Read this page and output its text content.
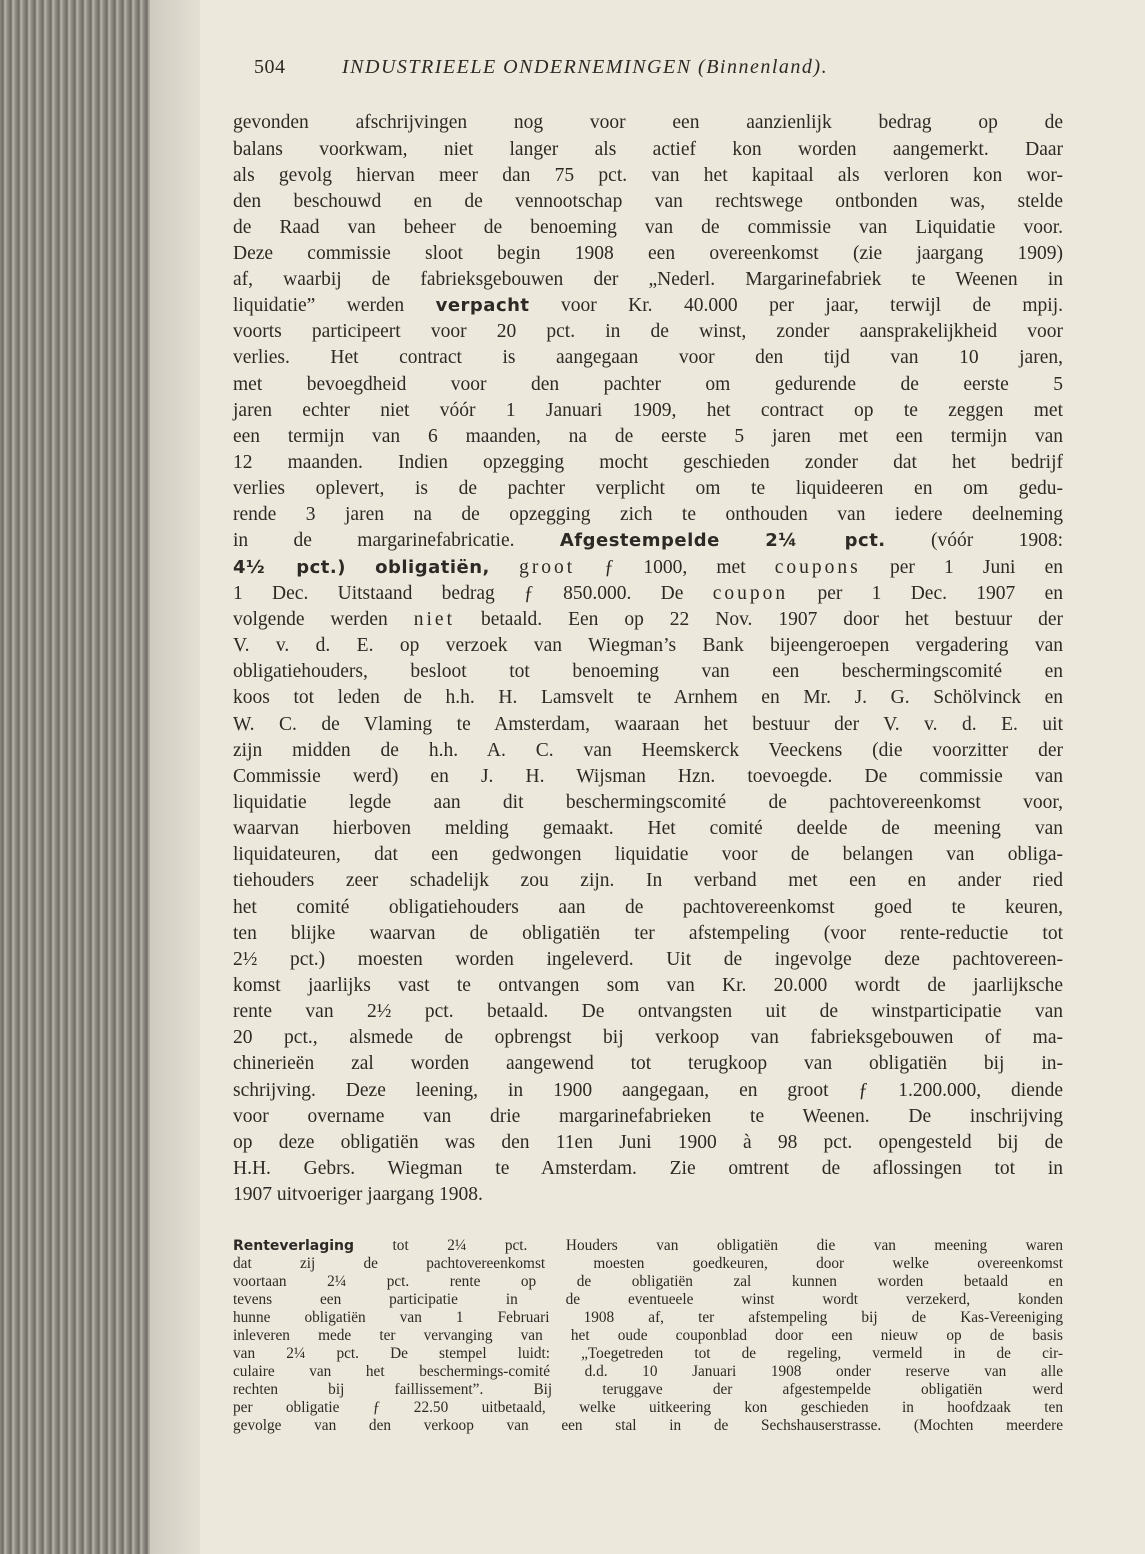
504	INDUSTRIEELE ONDERNEMINGEN (Binnenland).
gevonden afschrijvingen nog voor een aanzienlijk bedrag op de
balans voorkwam, niet langer als actief kon worden aangemerkt. Daar
als gevolg hiervan meer dan 75 pct. van het kapitaal als verloren kon wor-
den beschouwd en de vennootschap van rechtswege ontbonden was, stelde
de Raad van beheer de benoeming van de commissie van Liquidatie voor.
Deze commissie sloot begin 1908 een overeenkomst (zie jaargang 1909)
af, waarbij de fabrieksgebouwen der „Nederl. Margarinefabriek te Weenen in
liquidatie” werden verpacht voor Kr. 40.000 per jaar, terwijl de mpij.
voorts participeert voor 20 pct. in de winst, zonder aansprakelijkheid voor
verlies. Het contract is aangegaan voor den tijd van 10 jaren,
met bevoegdheid voor den pachter om gedurende de eerste 5
jaren echter niet vóór 1 Januari 1909, het contract op te zeggen met
een termijn van 6 maanden, na de eerste 5 jaren met een termijn van
12 maanden. Indien opzegging mocht geschieden zonder dat het bedrijf
verlies oplevert, is de pachter verplicht om te liquideeren en om gedu-
rende 3 jaren na de opzegging zich te onthouden van iedere deelneming
in de margarinefabricatie.	Afgestempelde	2¼ pct. (vóór 1908:
4½ pct.) obligatiën, groot ƒ 1000, met coupons per 1 Juni en
1 Dec. Uitstaand bedrag ƒ 850.000. De coupon per 1 Dec. 1907 en
volgende werden niet betaald. Een op 22 Nov. 1907 door het bestuur der
V. v. d. E. op verzoek van Wiegman’s Bank bijeengeroepen vergadering van
obligatiehouders, besloot tot benoeming van een beschermingscomité en
koos tot leden de h.h. H. Lamsvelt te Arnhem en Mr. J. G. Schölvinck en
W. C. de Vlaming te Amsterdam, waaraan het bestuur der V. v. d. E. uit
zijn midden de h.h. A. C. van Heemskerck Veeckens (die voorzitter der
Commissie werd) en J. H. Wijsman Hzn. toevoegde. De commissie van
liquidatie legde aan dit beschermingscomité de pachtovereenkomst voor,
waarvan hierboven melding gemaakt. Het comité deelde de meening van
liquidateuren, dat een gedwongen liquidatie voor de belangen van obliga-
tiehouders zeer schadelijk zou zijn. In verband met een en ander ried
het comité obligatiehouders aan de pachtovereenkomst goed te keuren,
ten blijke waarvan de obligatiën ter afstempeling (voor rente-reductie tot
2½ pct.) moesten worden ingeleverd. Uit de ingevolge deze pachtovereen-
komst jaarlijks vast te ontvangen som van Kr. 20.000 wordt de jaarlijksche
rente van 2½ pct. betaald. De ontvangsten uit de winstparticipatie van
20 pct., alsmede de opbrengst bij verkoop van fabrieksgebouwen of ma-
chinerieën zal worden aangewend tot terugkoop van obligatiën bij in-
schrijving. Deze leening, in 1900 aangegaan, en groot ƒ 1.200.000, diende
voor overname van drie margarinefabrieken te Weenen. De inschrijving
op deze obligatiën was den 11en Juni 1900 à 98 pct. opengesteld bij de
H.H. Gebrs. Wiegman te Amsterdam. Zie omtrent de aflossingen tot in
1907 uitvoeriger jaargang 1908.
Renteverlaging	tot 2¼ pct. Houders van obligatiën die van meening waren
dat zij de pachtovereenkomst moesten goedkeuren, door welke overeenkomst
voortaan 2¼ pct. rente op de obligatiën zal kunnen worden betaald en
tevens een participatie in de eventueele winst wordt verzekerd, konden
hunne obligatiën van 1 Februari 1908 af, ter afstempeling bij de Kas-Vereeniging
inleveren mede ter vervanging van het oude couponblad door een nieuw op de basis
van 2¼ pct. De stempel luidt: „Toegetreden tot de regeling, vermeld in de cir-
culaire van het beschermings-comité d.d. 10 Januari 1908 onder reserve van alle
rechten bij faillissement”. Bij teruggave der afgestempelde obligatiën werd
per obligatie ƒ 22.50 uitbetaald, welke uitkeering kon geschieden in hoofdzaak ten
gevolge van den verkoop van een stal in de Sechshauserstrasse. (Mochten meerdere
